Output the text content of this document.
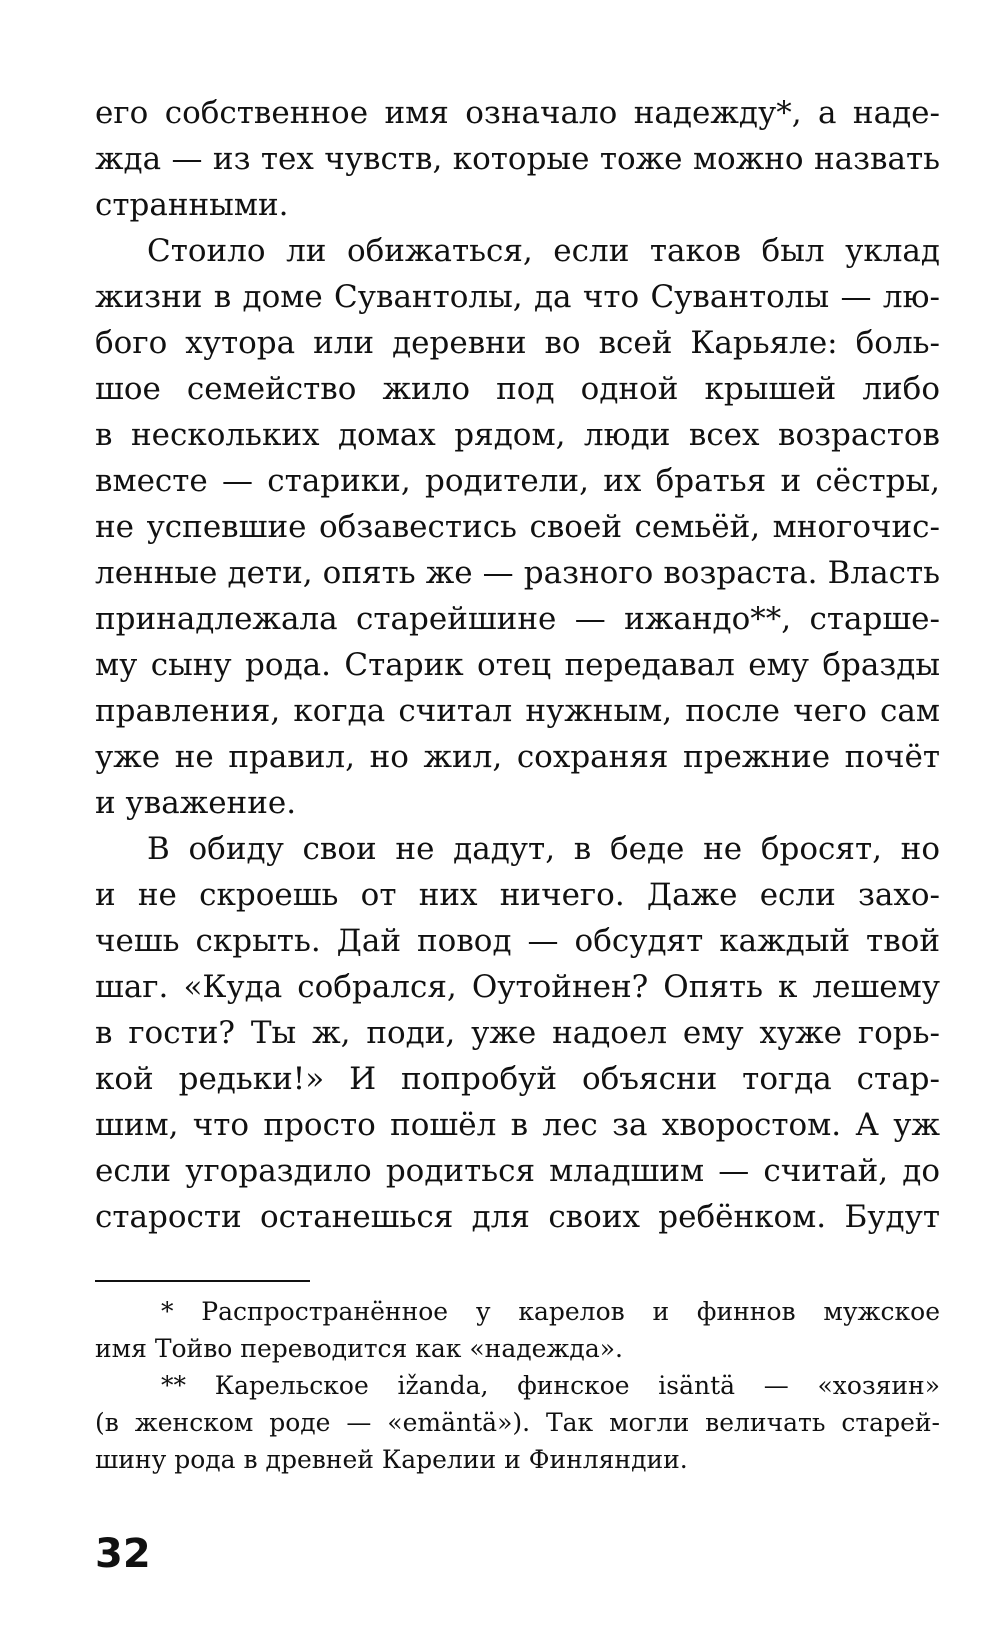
его собственное имя означало надежду*, а наде-
жда — из тех чувств, которые тоже можно назвать
странными.
Стоило ли обижаться, если таков был уклад
жизни в доме Сувантолы, да что Сувантолы — лю-
бого хутора или деревни во всей Карьяле: боль-
шое семейство жило под одной крышей либо
в нескольких домах рядом, люди всех возрастов
вместе — старики, родители, их братья и сёстры,
не успевшие обзавестись своей семьёй, многочис-
ленные дети, опять же — разного возраста. Власть
принадлежала старейшине — ижандо**, старше-
му сыну рода. Старик отец передавал ему бразды
правления, когда считал нужным, после чего сам
уже не правил, но жил, сохраняя прежние почёт
и уважение.
В обиду свои не дадут, в беде не бросят, но
и не скроешь от них ничего. Даже если захо-
чешь скрыть. Дай повод — обсудят каждый твой
шаг. «Куда собрался, Оутойнен? Опять к лешему
в гости? Ты ж, поди, уже надоел ему хуже горь-
кой редьки!» И попробуй объясни тогда стар-
шим, что просто пошёл в лес за хворостом. А уж
если угораздило родиться младшим — считай, до
старости останешься для своих ребёнком. Будут
* Распространённое у карелов и финнов мужское
имя Тойво переводится как «надежда».
** Карельское ižanda, финское isäntä — «хозяин»
(в женском роде — «emäntä»). Так могли величать старей-
шину рода в древней Карелии и Финляндии.
32
